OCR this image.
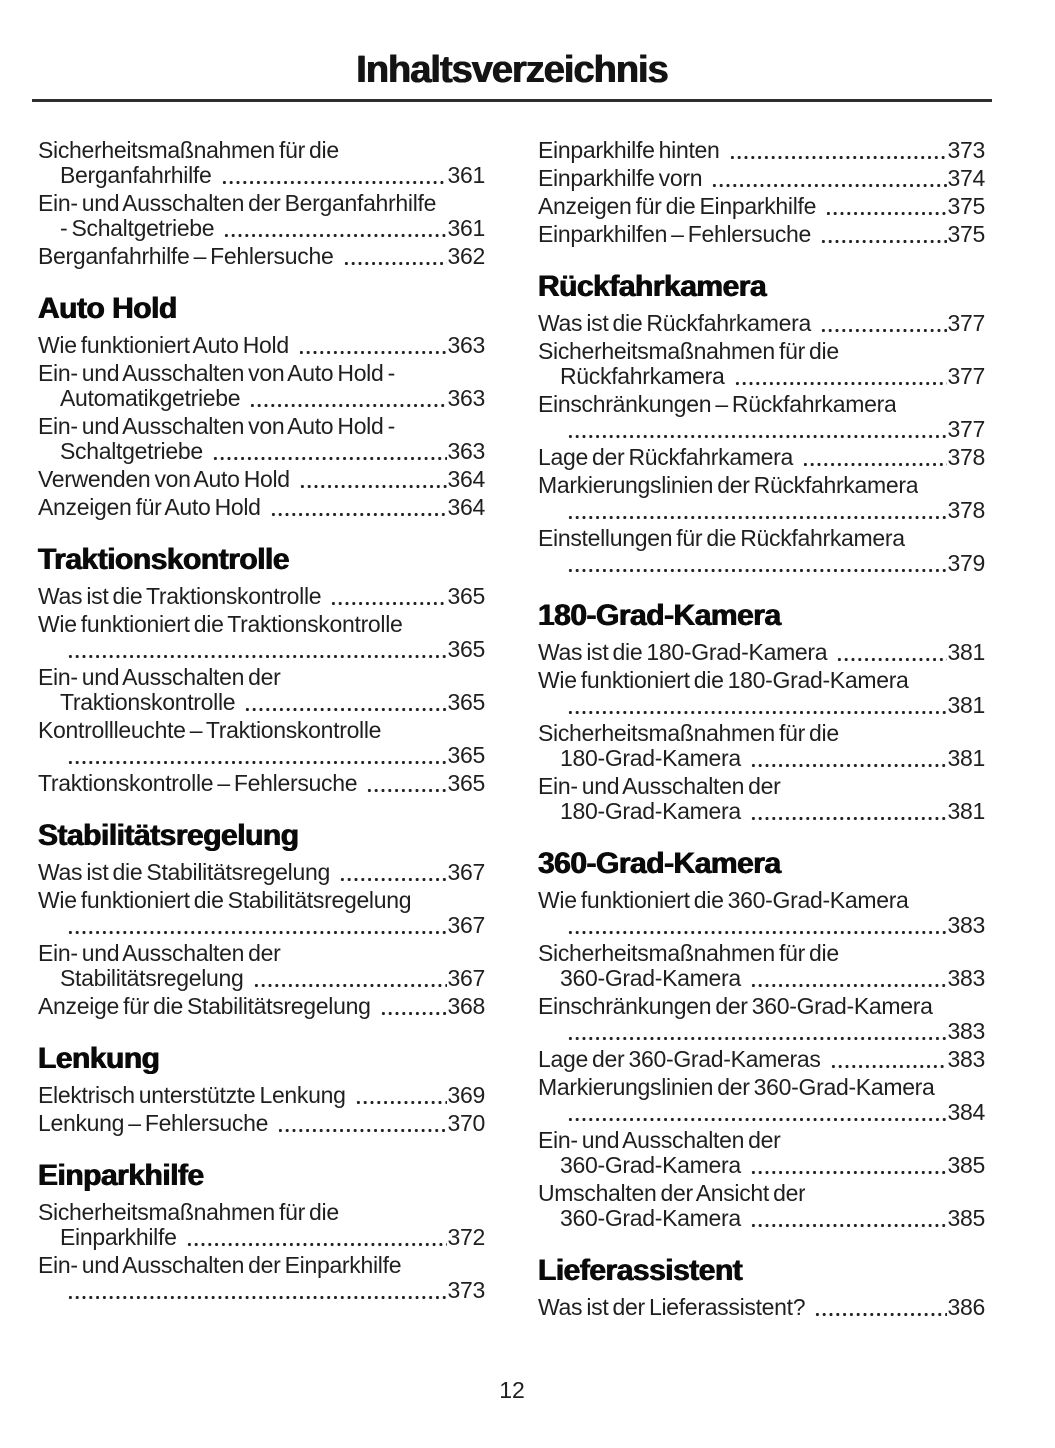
Inhaltsverzeichnis
Sicherheitsmaßnahmen für die
Berganfahrhilfe	361
Ein- und Ausschalten der Berganfahrhilfe
- Schaltgetriebe	361
Berganfahrhilfe – Fehlersuche	362
Auto Hold
Wie funktioniert Auto Hold	363
Ein- und Ausschalten von Auto Hold -
Automatikgetriebe	363
Ein- und Ausschalten von Auto Hold -
Schaltgetriebe	363
Verwenden von Auto Hold	364
Anzeigen für Auto Hold	364
Traktionskontrolle
Was ist die Traktionskontrolle	365
Wie funktioniert die Traktionskontrolle
365
Ein- und Ausschalten der
Traktionskontrolle	365
Kontrollleuchte – Traktionskontrolle
365
Traktionskontrolle – Fehlersuche	365
Stabilitätsregelung
Was ist die Stabilitätsregelung	367
Wie funktioniert die Stabilitätsregelung
367
Ein- und Ausschalten der
Stabilitätsregelung	367
Anzeige für die Stabilitätsregelung	368
Lenkung
Elektrisch unterstützte Lenkung	369
Lenkung – Fehlersuche	370
Einparkhilfe
Sicherheitsmaßnahmen für die
Einparkhilfe	372
Ein- und Ausschalten der Einparkhilfe
373
Einparkhilfe hinten	373
Einparkhilfe vorn	374
Anzeigen für die Einparkhilfe	375
Einparkhilfen – Fehlersuche	375
Rückfahrkamera
Was ist die Rückfahrkamera	377
Sicherheitsmaßnahmen für die
Rückfahrkamera	377
Einschränkungen – Rückfahrkamera
377
Lage der Rückfahrkamera	378
Markierungslinien der Rückfahrkamera
378
Einstellungen für die Rückfahrkamera
379
180-Grad-Kamera
Was ist die 180-Grad-Kamera	381
Wie funktioniert die 180-Grad-Kamera
381
Sicherheitsmaßnahmen für die
180-Grad-Kamera	381
Ein- und Ausschalten der
180-Grad-Kamera	381
360-Grad-Kamera
Wie funktioniert die 360-Grad-Kamera
383
Sicherheitsmaßnahmen für die
360-Grad-Kamera	383
Einschränkungen der 360-Grad-Kamera
383
Lage der 360-Grad-Kameras	383
Markierungslinien der 360-Grad-Kamera
384
Ein- und Ausschalten der
360-Grad-Kamera	385
Umschalten der Ansicht der
360-Grad-Kamera	385
Lieferassistent
Was ist der Lieferassistent?	386
12
